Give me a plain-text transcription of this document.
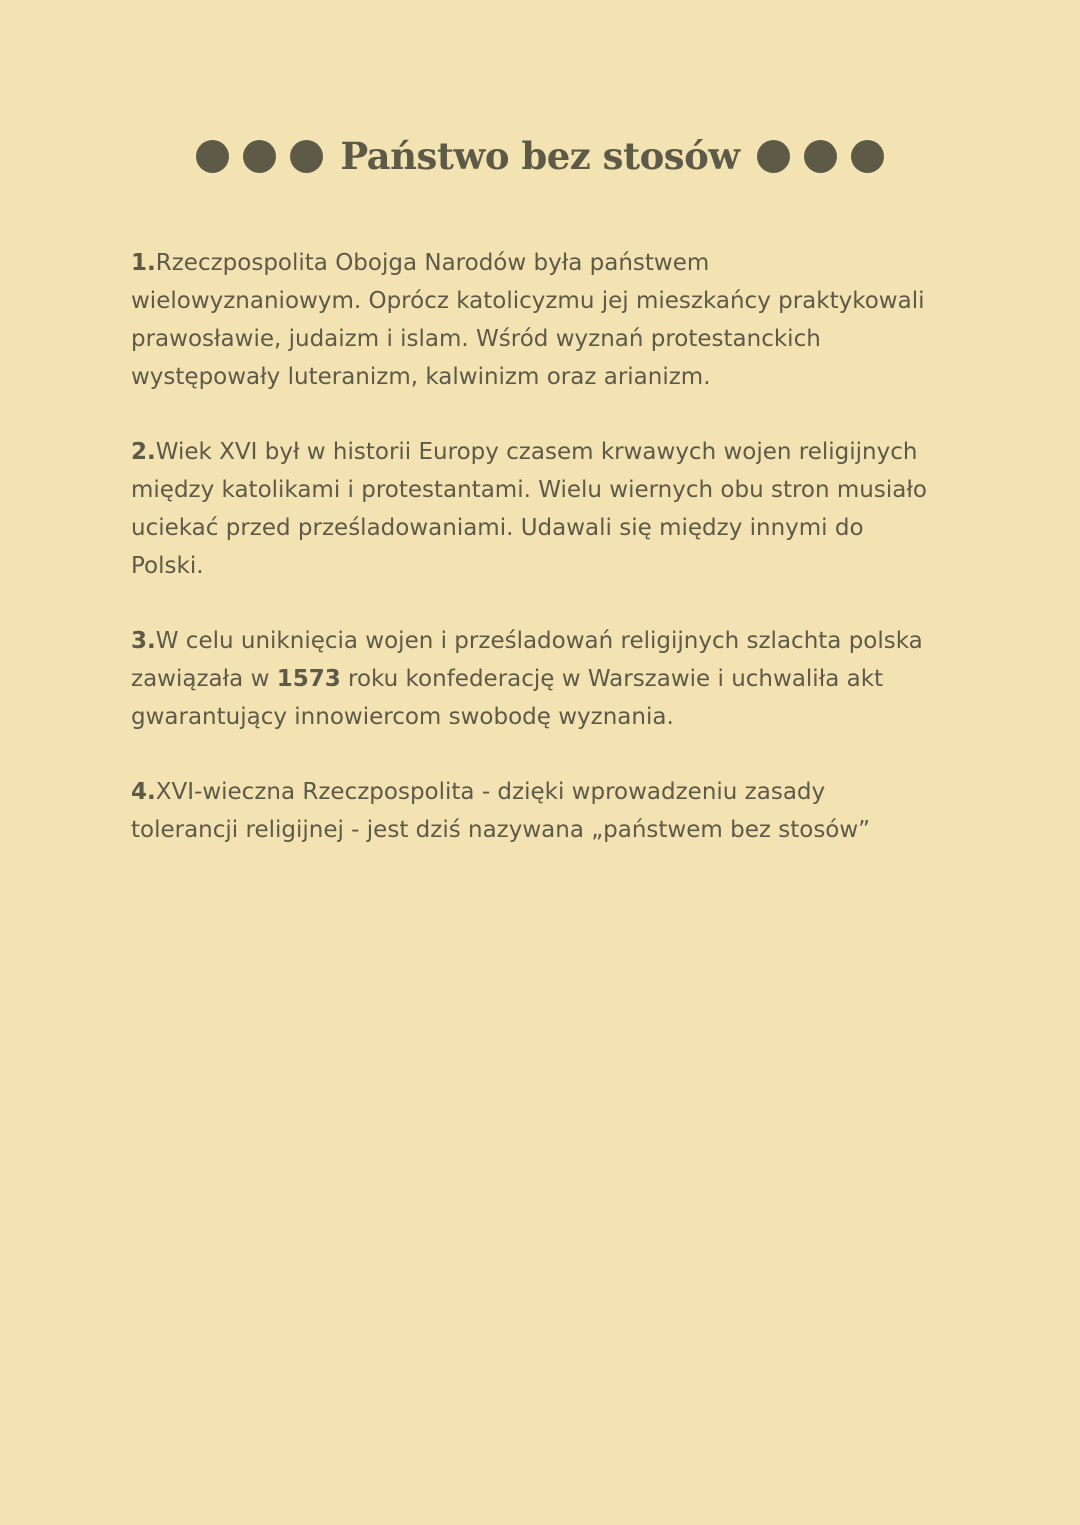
Państwo bez stosów

1.Rzeczpospolita Obojga Narodów była państwem wielowyznaniowym. Oprócz katolicyzmu jej mieszkańcy praktykowali prawosławie, judaizm i islam. Wśród wyznań protestanckich występowały luteranizm, kalwinizm oraz arianizm.

2.Wiek XVI był w historii Europy czasem krwawych wojen religijnych między katolikami i protestantami. Wielu wiernych obu stron musiało uciekać przed prześladowaniami. Udawali się między innymi do Polski.

3.W celu uniknięcia wojen i prześladowań religijnych szlachta polska zawiązała w 1573 roku konfederację w Warszawie i uchwaliła akt gwarantujący innowiercom swobodę wyznania.

4.XVI-wieczna Rzeczpospolita - dzięki wprowadzeniu zasady tolerancji religijnej - jest dziś nazywana „państwem bez stosów”
